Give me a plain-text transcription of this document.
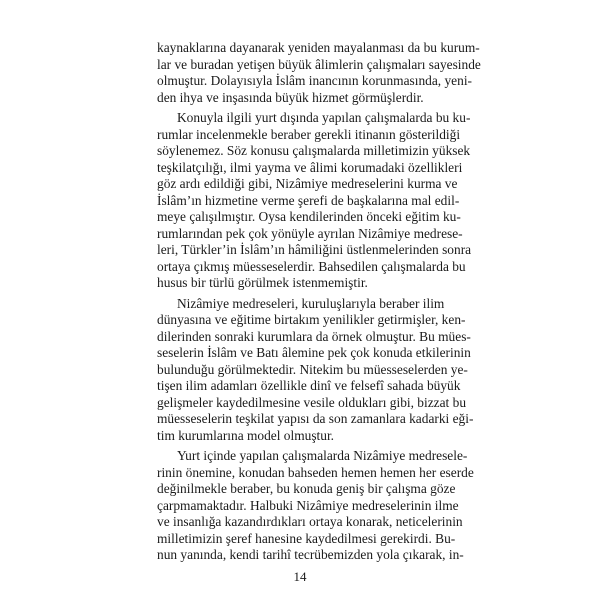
kaynaklarına dayanarak yeniden mayalanması da bu kurum-
lar ve buradan yetişen büyük âlimlerin çalışmaları sayesinde
olmuştur. Dolayısıyla İslâm inancının korunmasında, yeni-
den ihya ve inşasında büyük hizmet görmüşlerdir.
Konuyla ilgili yurt dışında yapılan çalışmalarda bu ku-
rumlar incelenmekle beraber gerekli itinanın gösterildiği
söylenemez. Söz konusu çalışmalarda milletimizin yüksek
teşkilatçılığı, ilmi yayma ve âlimi korumadaki özellikleri
göz ardı edildiği gibi, Nizâmiye medreselerini kurma ve
İslâm’ın hizmetine verme şerefi de başkalarına mal edil-
meye çalışılmıştır. Oysa kendilerinden önceki eğitim ku-
rumlarından pek çok yönüyle ayrılan Nizâmiye medrese-
leri, Türkler’in İslâm’ın hâmiliğini üstlenmelerinden sonra
ortaya çıkmış müesseselerdir. Bahsedilen çalışmalarda bu
husus bir türlü görülmek istenmemiştir.
Nizâmiye medreseleri, kuruluşlarıyla beraber ilim
dünyasına ve eğitime birtakım yenilikler getirmişler, ken-
dilerinden sonraki kurumlara da örnek olmuştur. Bu mües-
seselerin İslâm ve Batı âlemine pek çok konuda etkilerinin
bulunduğu görülmektedir. Nitekim bu müesseselerden ye-
tişen ilim adamları özellikle dinî ve felsefî sahada büyük
gelişmeler kaydedilmesine vesile oldukları gibi, bizzat bu
müesseselerin teşkilat yapısı da son zamanlara kadarki eği-
tim kurumlarına model olmuştur.
Yurt içinde yapılan çalışmalarda Nizâmiye medresele-
rinin önemine, konudan bahseden hemen hemen her eserde
değinilmekle beraber, bu konuda geniş bir çalışma göze
çarpmamaktadır. Halbuki Nizâmiye medreselerinin ilme
ve insanlığa kazandırdıkları ortaya konarak, neticelerinin
milletimizin şeref hanesine kaydedilmesi gerekirdi. Bu-
nun yanında, kendi tarihî tecrübemizden yola çıkarak, in-
14
